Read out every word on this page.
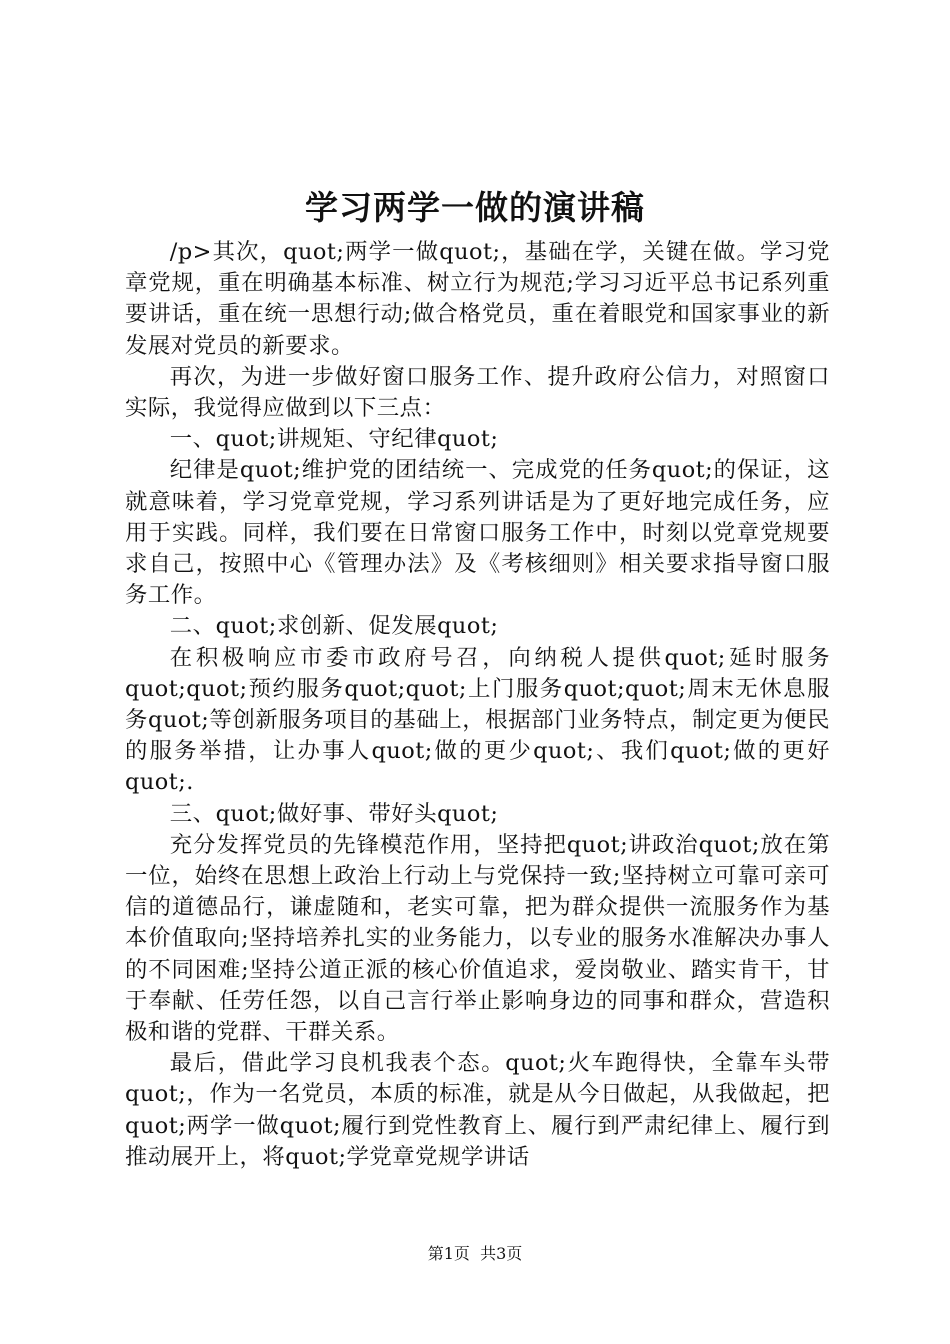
学习两学一做的演讲稿

/p>其次，quot;两学一做quot;，基础在学，关键在做。学习党章党规，重在明确基本标准、树立行为规范;学习习近平总书记系列重要讲话，重在统一思想行动;做合格党员，重在着眼党和国家事业的新发展对党员的新要求。

再次，为进一步做好窗口服务工作、提升政府公信力，对照窗口实际，我觉得应做到以下三点：

一、quot;讲规矩、守纪律quot;

纪律是quot;维护党的团结统一、完成党的任务quot;的保证，这就意味着，学习党章党规，学习系列讲话是为了更好地完成任务，应用于实践。同样，我们要在日常窗口服务工作中，时刻以党章党规要求自己，按照中心《管理办法》及《考核细则》相关要求指导窗口服务工作。

二、quot;求创新、促发展quot;

在积极响应市委市政府号召，向纳税人提供quot;延时服务quot;quot;预约服务quot;quot;上门服务quot;quot;周末无休息服务quot;等创新服务项目的基础上，根据部门业务特点，制定更为便民的服务举措，让办事人quot;做的更少quot;、我们quot;做的更好quot;.

三、quot;做好事、带好头quot;

充分发挥党员的先锋模范作用，坚持把quot;讲政治quot;放在第一位，始终在思想上政治上行动上与党保持一致;坚持树立可靠可亲可信的道德品行，谦虚随和，老实可靠，把为群众提供一流服务作为基本价值取向;坚持培养扎实的业务能力，以专业的服务水准解决办事人的不同困难;坚持公道正派的核心价值追求，爱岗敬业、踏实肯干，甘于奉献、任劳任怨，以自己言行举止影响身边的同事和群众，营造积极和谐的党群、干群关系。

最后，借此学习良机我表个态。quot;火车跑得快，全靠车头带quot;，作为一名党员，本质的标准，就是从今日做起，从我做起，把quot;两学一做quot;履行到党性教育上、履行到严肃纪律上、履行到推动展开上，将quot;学党章党规学讲话

第1页 共3页
